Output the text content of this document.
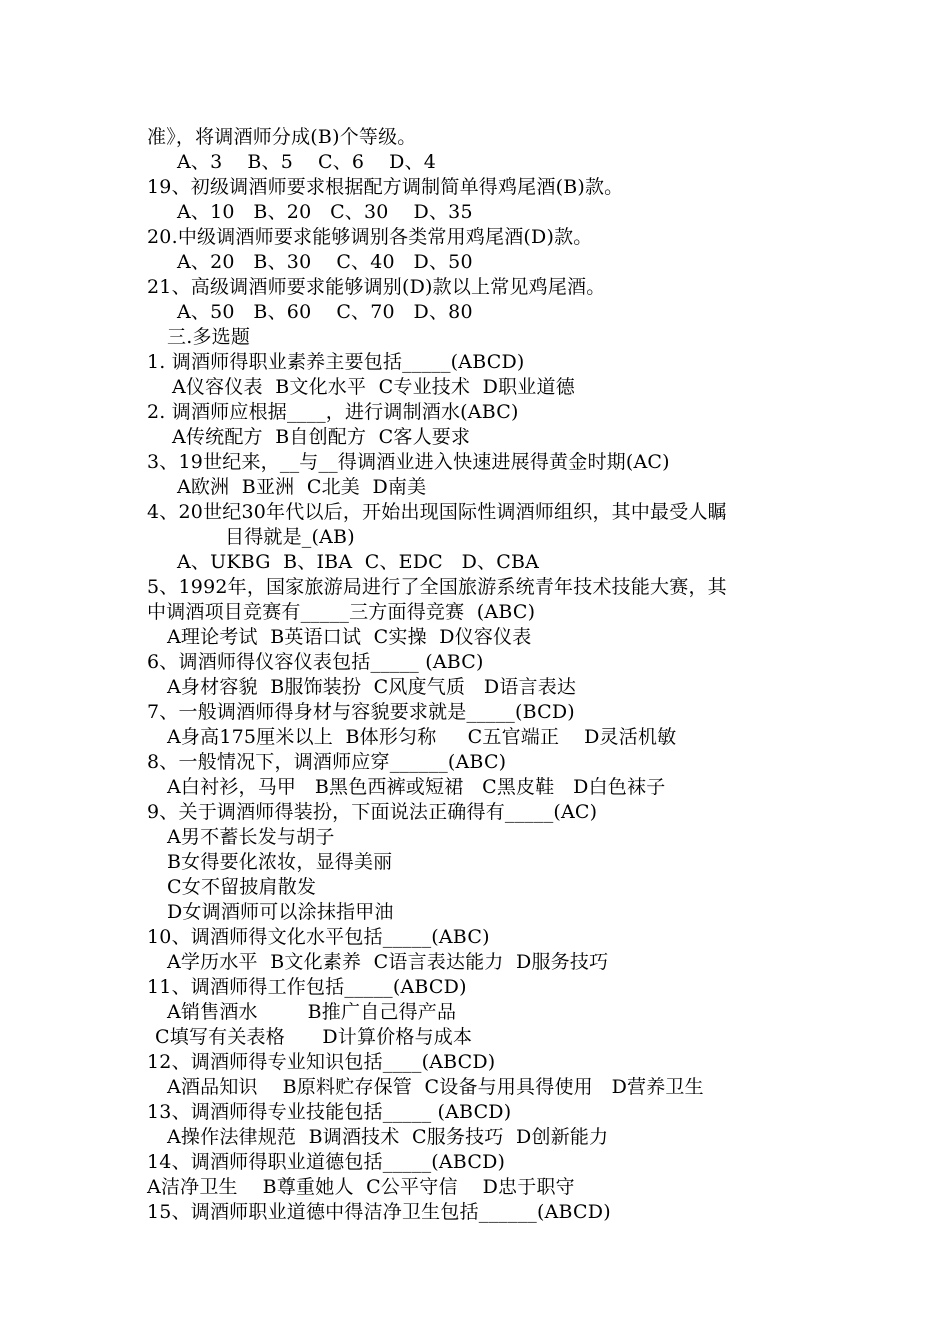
准》，将调酒师分成(B)个等级。
A、3    B、5    C、6    D、4
19、初级调酒师要求根据配方调制简单得鸡尾酒(B)款。
A、10   B、20   C、30    D、35
20.中级调酒师要求能够调别各类常用鸡尾酒(D)款。
A、20   B、30    C、40   D、50
21、高级调酒师要求能够调别(D)款以上常见鸡尾酒。
A、50   B、60    C、70   D、80
三.多选题
1. 调酒师得职业素养主要包括_____(ABCD)
A仪容仪表  B文化水平  C专业技术  D职业道德
2. 调酒师应根据____，进行调制酒水(ABC)
A传统配方  B自创配方  C客人要求
3、19世纪来，__与__得调酒业进入快速进展得黄金时期(AC)
A欧洲  B亚洲  C北美  D南美
4、20世纪30年代以后，开始出现国际性调酒师组织，其中最受人瞩
目得就是_(AB)
A、UKBG  B、IBA  C、EDC   D、CBA
5、1992年，国家旅游局进行了全国旅游系统青年技术技能大赛，其
中调酒项目竞赛有_____三方面得竞赛  (ABC)
A理论考试  B英语口试  C实操  D仪容仪表
6、调酒师得仪容仪表包括_____ (ABC)
A身材容貌  B服饰装扮  C风度气质   D语言表达
7、一般调酒师得身材与容貌要求就是_____(BCD)
A身高175厘米以上  B体形匀称     C五官端正    D灵活机敏
8、一般情况下，调酒师应穿______(ABC)
A白衬衫，马甲   B黑色西裤或短裙   C黑皮鞋   D白色袜子
9、关于调酒师得装扮，下面说法正确得有_____(AC)
A男不蓄长发与胡子
B女得要化浓妆，显得美丽
C女不留披肩散发
D女调酒师可以涂抹指甲油
10、调酒师得文化水平包括_____(ABC)
A学历水平  B文化素养  C语言表达能力  D服务技巧
11、调酒师得工作包括_____(ABCD)
A销售酒水        B推广自己得产品
C填写有关表格      D计算价格与成本
12、调酒师得专业知识包括____(ABCD)
A酒品知识    B原料贮存保管  C设备与用具得使用   D营养卫生
13、调酒师得专业技能包括_____ (ABCD)
A操作法律规范  B调酒技术  C服务技巧  D创新能力
14、调酒师得职业道德包括_____(ABCD)
A洁净卫生    B尊重她人  C公平守信    D忠于职守
15、调酒师职业道德中得洁净卫生包括______(ABCD)
